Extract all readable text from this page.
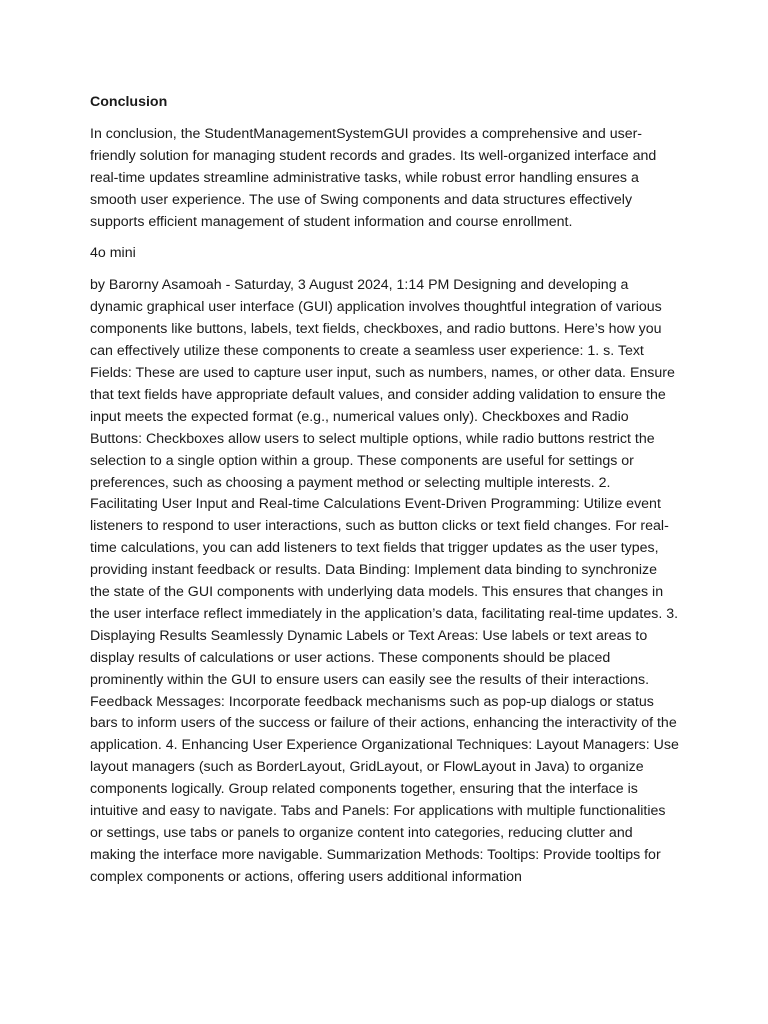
Conclusion

In conclusion, the StudentManagementSystemGUI provides a comprehensive and user-friendly solution for managing student records and grades. Its well-organized interface and real-time updates streamline administrative tasks, while robust error handling ensures a smooth user experience. The use of Swing components and data structures effectively supports efficient management of student information and course enrollment.

4o mini

by Barorny Asamoah - Saturday, 3 August 2024, 1:14 PM Designing and developing a dynamic graphical user interface (GUI) application involves thoughtful integration of various components like buttons, labels, text fields, checkboxes, and radio buttons. Here’s how you can effectively utilize these components to create a seamless user experience: 1. s. Text Fields: These are used to capture user input, such as numbers, names, or other data. Ensure that text fields have appropriate default values, and consider adding validation to ensure the input meets the expected format (e.g., numerical values only). Checkboxes and Radio Buttons: Checkboxes allow users to select multiple options, while radio buttons restrict the selection to a single option within a group. These components are useful for settings or preferences, such as choosing a payment method or selecting multiple interests. 2. Facilitating User Input and Real-time Calculations Event-Driven Programming: Utilize event listeners to respond to user interactions, such as button clicks or text field changes. For real-time calculations, you can add listeners to text fields that trigger updates as the user types, providing instant feedback or results. Data Binding: Implement data binding to synchronize the state of the GUI components with underlying data models. This ensures that changes in the user interface reflect immediately in the application’s data, facilitating real-time updates. 3. Displaying Results Seamlessly Dynamic Labels or Text Areas: Use labels or text areas to display results of calculations or user actions. These components should be placed prominently within the GUI to ensure users can easily see the results of their interactions. Feedback Messages: Incorporate feedback mechanisms such as pop-up dialogs or status bars to inform users of the success or failure of their actions, enhancing the interactivity of the application. 4. Enhancing User Experience Organizational Techniques: Layout Managers: Use layout managers (such as BorderLayout, GridLayout, or FlowLayout in Java) to organize components logically. Group related components together, ensuring that the interface is intuitive and easy to navigate. Tabs and Panels: For applications with multiple functionalities or settings, use tabs or panels to organize content into categories, reducing clutter and making the interface more navigable. Summarization Methods: Tooltips: Provide tooltips for complex components or actions, offering users additional information
